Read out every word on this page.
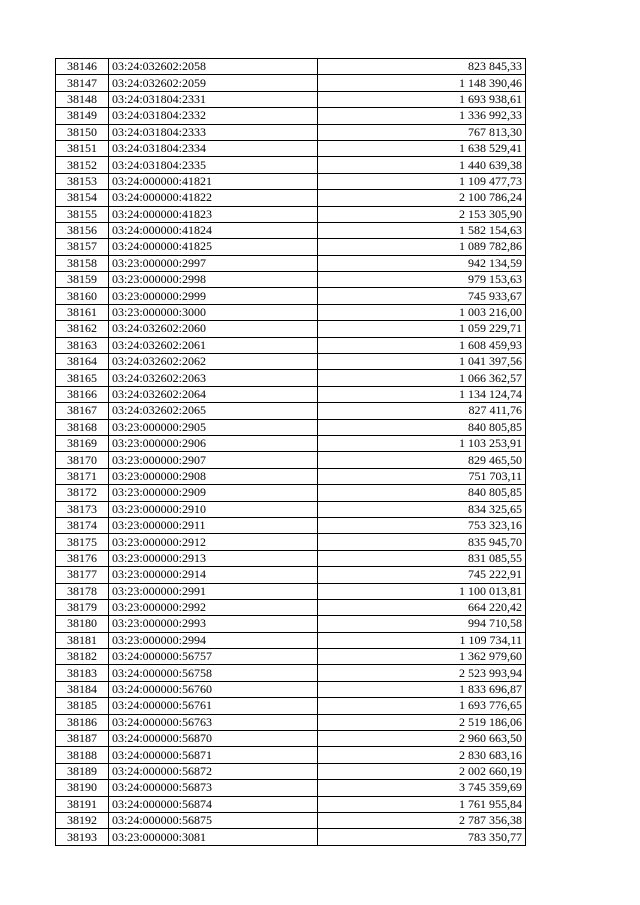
38146	03:24:032602:2058	823 845,33
38147	03:24:032602:2059	1 148 390,46
38148	03:24:031804:2331	1 693 938,61
38149	03:24:031804:2332	1 336 992,33
38150	03:24:031804:2333	767 813,30
38151	03:24:031804:2334	1 638 529,41
38152	03:24:031804:2335	1 440 639,38
38153	03:24:000000:41821	1 109 477,73
38154	03:24:000000:41822	2 100 786,24
38155	03:24:000000:41823	2 153 305,90
38156	03:24:000000:41824	1 582 154,63
38157	03:24:000000:41825	1 089 782,86
38158	03:23:000000:2997	942 134,59
38159	03:23:000000:2998	979 153,63
38160	03:23:000000:2999	745 933,67
38161	03:23:000000:3000	1 003 216,00
38162	03:24:032602:2060	1 059 229,71
38163	03:24:032602:2061	1 608 459,93
38164	03:24:032602:2062	1 041 397,56
38165	03:24:032602:2063	1 066 362,57
38166	03:24:032602:2064	1 134 124,74
38167	03:24:032602:2065	827 411,76
38168	03:23:000000:2905	840 805,85
38169	03:23:000000:2906	1 103 253,91
38170	03:23:000000:2907	829 465,50
38171	03:23:000000:2908	751 703,11
38172	03:23:000000:2909	840 805,85
38173	03:23:000000:2910	834 325,65
38174	03:23:000000:2911	753 323,16
38175	03:23:000000:2912	835 945,70
38176	03:23:000000:2913	831 085,55
38177	03:23:000000:2914	745 222,91
38178	03:23:000000:2991	1 100 013,81
38179	03:23:000000:2992	664 220,42
38180	03:23:000000:2993	994 710,58
38181	03:23:000000:2994	1 109 734,11
38182	03:24:000000:56757	1 362 979,60
38183	03:24:000000:56758	2 523 993,94
38184	03:24:000000:56760	1 833 696,87
38185	03:24:000000:56761	1 693 776,65
38186	03:24:000000:56763	2 519 186,06
38187	03:24:000000:56870	2 960 663,50
38188	03:24:000000:56871	2 830 683,16
38189	03:24:000000:56872	2 002 660,19
38190	03:24:000000:56873	3 745 359,69
38191	03:24:000000:56874	1 761 955,84
38192	03:24:000000:56875	2 787 356,38
38193	03:23:000000:3081	783 350,77
